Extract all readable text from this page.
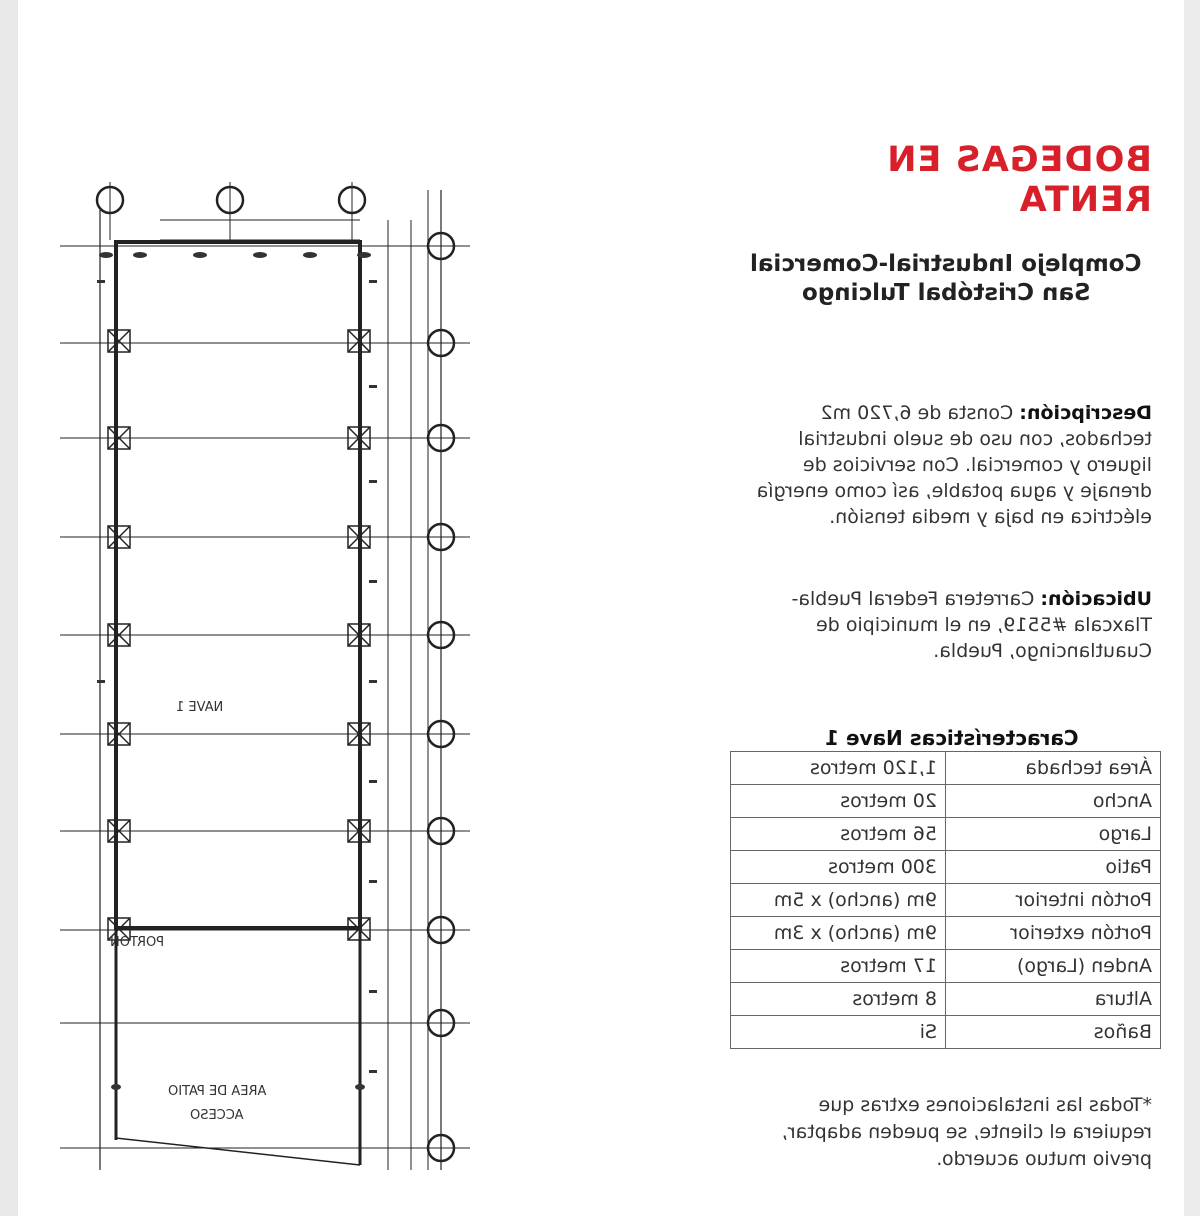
NAVE 1
PORTON
AREA DE PATIO
ACCESO
BODEGAS EN RENTA
Complejo Industrial-Comercial
San Cristóbal Tulcingo
Descripción: Consta de 6,720 m2 techados, con uso de suelo industrial liguero y comercial. Con servicios de drenaje y agua potable, así como energía eléctrica en baja y media tensión.
Ubicación: Carretera Federal Puebla-Tlaxcala #5519, en el municipio de Cuautlancingo, Puebla.
Características Nave 1
Área techada	1,120 metros
Ancho	20 metros
Largo	56 metros
Patio	300 metros
Portón interior	9m (ancho) x 5m
Portón exterior	9m (ancho) x 3m
Anden (Largo)	17 metros
Altura	8 metros
Baños	Si
*Todas las instalaciones extras que requiera el cliente, se pueden adaptar, previo mutuo acuerdo.
